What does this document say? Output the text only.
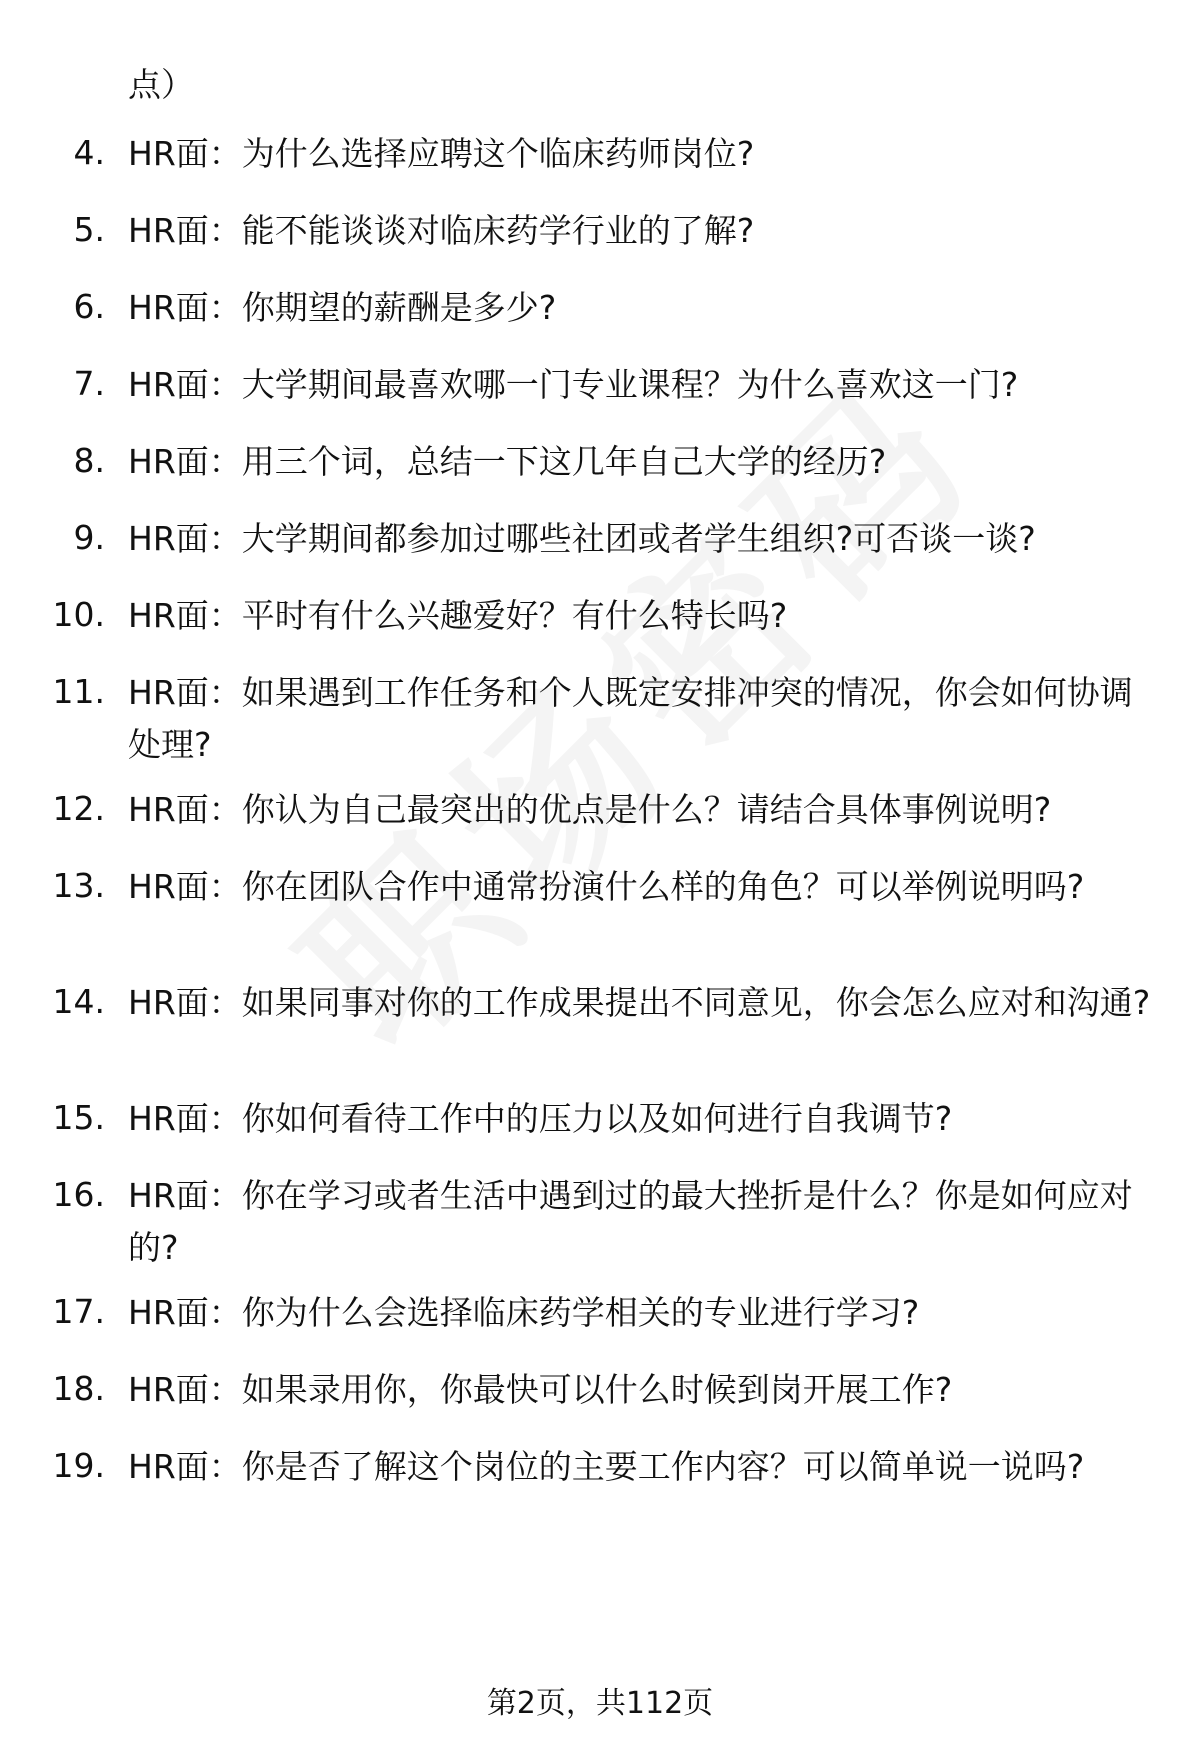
点）
4. HR面：为什么选择应聘这个临床药师岗位?
5. HR面：能不能谈谈对临床药学行业的了解?
6. HR面：你期望的薪酬是多少?
7. HR面：大学期间最喜欢哪一门专业课程？为什么喜欢这一门?
8. HR面：用三个词，总结一下这几年自己大学的经历?
9. HR面：大学期间都参加过哪些社团或者学生组织?可否谈一谈?
10. HR面：平时有什么兴趣爱好？有什么特长吗?
11. HR面：如果遇到工作任务和个人既定安排冲突的情况，你会如何协调处理?
12. HR面：你认为自己最突出的优点是什么？请结合具体事例说明?
13. HR面：你在团队合作中通常扮演什么样的角色？可以举例说明吗?
14. HR面：如果同事对你的工作成果提出不同意见，你会怎么应对和沟通?
15. HR面：你如何看待工作中的压力以及如何进行自我调节?
16. HR面：你在学习或者生活中遇到过的最大挫折是什么？你是如何应对的?
17. HR面：你为什么会选择临床药学相关的专业进行学习?
18. HR面：如果录用你，你最快可以什么时候到岗开展工作?
19. HR面：你是否了解这个岗位的主要工作内容？可以简单说一说吗?
第2页，共112页
